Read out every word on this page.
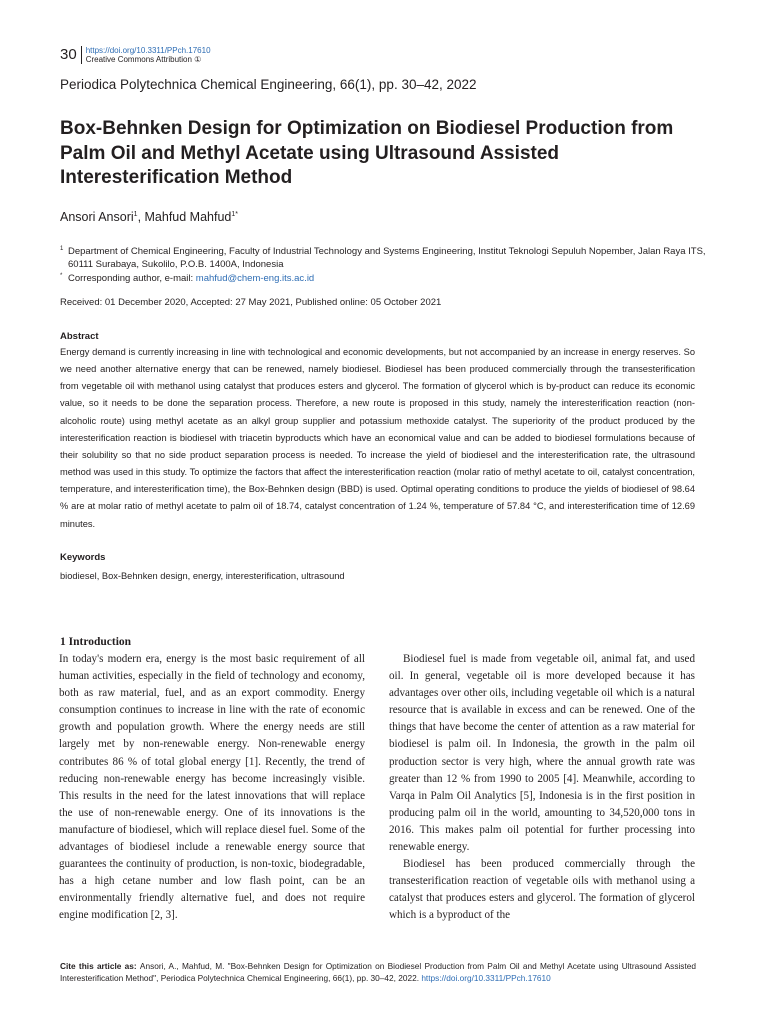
30	https://doi.org/10.3311/PPch.17610
Creative Commons Attribution ①
Periodica Polytechnica Chemical Engineering, 66(1), pp. 30–42, 2022
Box-Behnken Design for Optimization on Biodiesel Production from Palm Oil and Methyl Acetate using Ultrasound Assisted Interesterification Method
Ansori Ansori$^1$, Mahfud Mahfud$^{1*}$
1 Department of Chemical Engineering, Faculty of Industrial Technology and Systems Engineering, Institut Teknologi Sepuluh Nopember, Jalan Raya ITS, 60111 Surabaya, Sukolilo, P.O.B. 1400A, Indonesia
* Corresponding author, e-mail: mahfud@chem-eng.its.ac.id
Received: 01 December 2020, Accepted: 27 May 2021, Published online: 05 October 2021
Abstract
Energy demand is currently increasing in line with technological and economic developments, but not accompanied by an increase in energy reserves. So we need another alternative energy that can be renewed, namely biodiesel. Biodiesel has been produced commercially through the transesterification from vegetable oil with methanol using catalyst that produces esters and glycerol. The formation of glycerol which is by-product can reduce its economic value, so it needs to be done the separation process. Therefore, a new route is proposed in this study, namely the interesterification reaction (non-alcoholic route) using methyl acetate as an alkyl group supplier and potassium methoxide catalyst. The superiority of the product produced by the interesterification reaction is biodiesel with triacetin byproducts which have an economical value and can be added to biodiesel formulations because of their solubility so that no side product separation process is needed. To increase the yield of biodiesel and the interesterification rate, the ultrasound method was used in this study. To optimize the factors that affect the interesterification reaction (molar ratio of methyl acetate to oil, catalyst concentration, temperature, and interesterification time), the Box-Behnken design (BBD) is used. Optimal operating conditions to produce the yields of biodiesel of 98.64 % are at molar ratio of methyl acetate to palm oil of 18.74, catalyst concentration of 1.24 %, temperature of 57.84 °C, and interesterification time of 12.69 minutes.
Keywords
biodiesel, Box-Behnken design, energy, interesterification, ultrasound
1 Introduction

In today's modern era, energy is the most basic requirement of all human activities, especially in the field of technology and economy, both as raw material, fuel, and as an export commodity. Energy consumption continues to increase in line with the rate of economic growth and population growth. Where the energy needs are still largely met by non-renewable energy. Non-renewable energy contributes 86 % of total global energy [1]. Recently, the trend of reducing non-renewable energy has become increasingly visible. This results in the need for the latest innovations that will replace the use of non-renewable energy. One of its innovations is the manufacture of biodiesel, which will replace diesel fuel. Some of the advantages of biodiesel include a renewable energy source that guarantees the continuity of production, is non-toxic, biodegradable, has a high cetane number and low flash point, can be an environmentally friendly alternative fuel, and does not require engine modification [2, 3].

Biodiesel fuel is made from vegetable oil, animal fat, and used oil. In general, vegetable oil is more developed because it has advantages over other oils, including vegetable oil which is a natural resource that is available in excess and can be renewed. One of the things that have become the center of attention as a raw material for biodiesel is palm oil. In Indonesia, the growth in the palm oil production sector is very high, where the annual growth rate was greater than 12 % from 1990 to 2005 [4]. Meanwhile, according to Varqa in Palm Oil Analytics [5], Indonesia is in the first position in producing palm oil in the world, amounting to 34,520,000 tons in 2016. This makes palm oil potential for further processing into renewable energy.

Biodiesel has been produced commercially through the transesterification reaction of vegetable oils with methanol using a catalyst that produces esters and glycerol. The formation of glycerol which is a byproduct of the

Cite this article as: Ansori, A., Mahfud, M. "Box-Behnken Design for Optimization on Biodiesel Production from Palm Oil and Methyl Acetate using Ultrasound Assisted Interesterification Method", Periodica Polytechnica Chemical Engineering, 66(1), pp. 30–42, 2022. https://doi.org/10.3311/PPch.17610
